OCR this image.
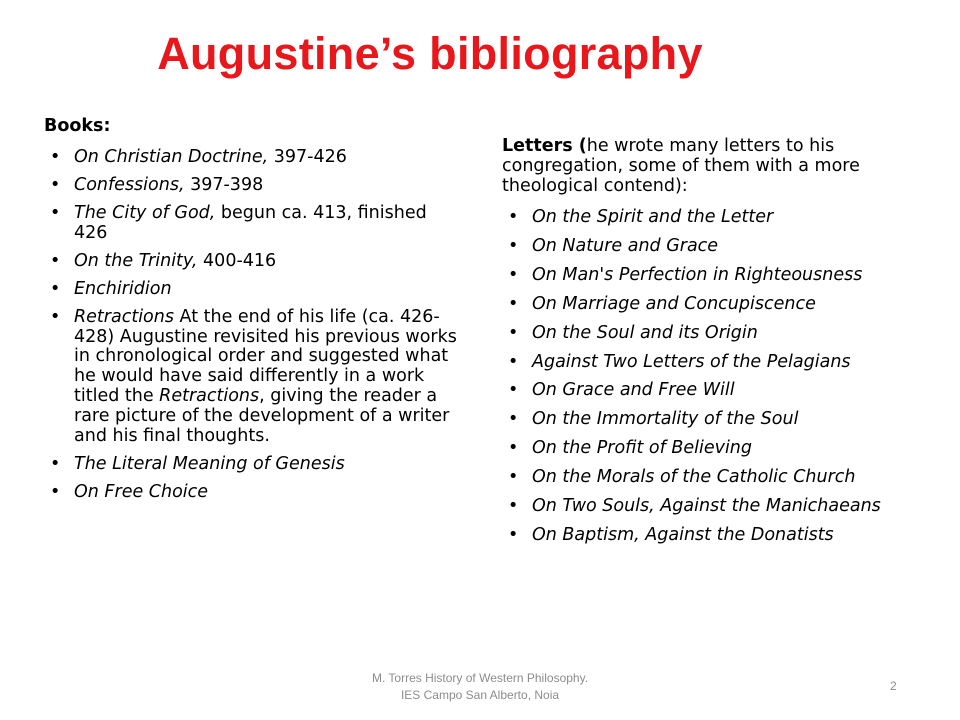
Augustine’s bibliography
Books:
• On Christian Doctrine, 397-426
• Confessions, 397-398
• The City of God, begun ca. 413, finished 426
• On the Trinity, 400-416
• Enchiridion
• Retractions At the end of his life (ca. 426-428) Augustine revisited his previous works in chronological order and suggested what he would have said differently in a work titled the Retractions, giving the reader a rare picture of the development of a writer and his final thoughts.
• The Literal Meaning of Genesis
• On Free Choice
Letters (he wrote many letters to his congregation, some of them with a more theological contend):
• On the Spirit and the Letter
• On Nature and Grace
• On Man's Perfection in Righteousness
• On Marriage and Concupiscence
• On the Soul and its Origin
• Against Two Letters of the Pelagians
• On Grace and Free Will
• On the Immortality of the Soul
• On the Profit of Believing
• On the Morals of the Catholic Church
• On Two Souls, Against the Manichaeans
• On Baptism, Against the Donatists
M. Torres History of Western Philosophy.
IES Campo San Alberto, Noia
2
